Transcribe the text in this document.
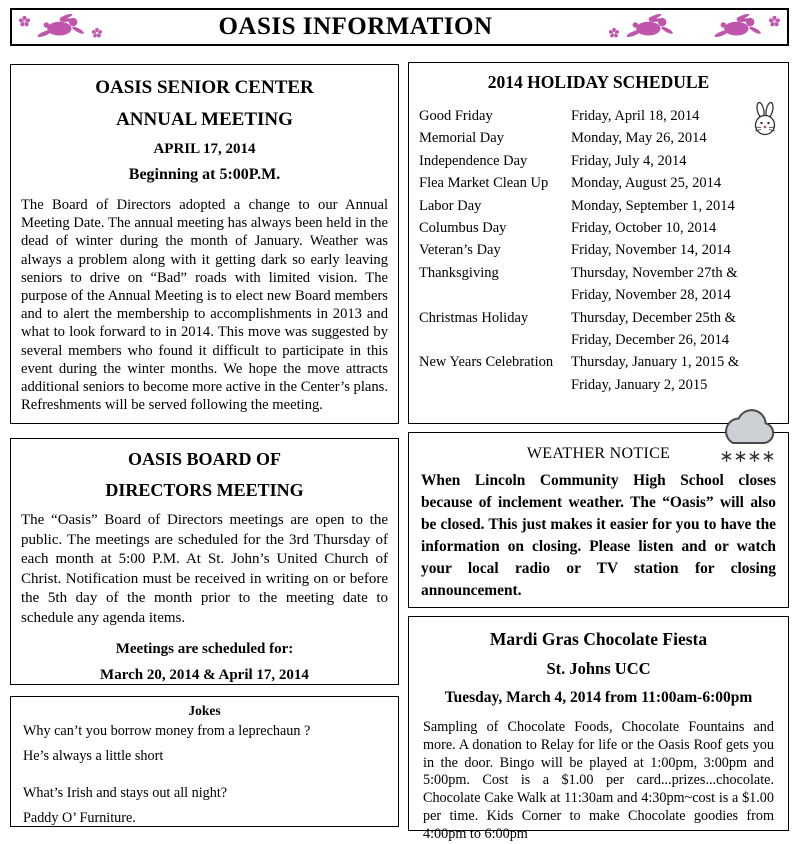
OASIS INFORMATION
OASIS SENIOR CENTER
ANNUAL MEETING
APRIL 17, 2014
Beginning at 5:00P.M.

The Board of Directors adopted a change to our Annual Meeting Date. The annual meeting has always been held in the dead of winter during the month of January. Weather was always a problem along with it getting dark so early leaving seniors to drive on “Bad” roads with limited vision. The purpose of the Annual Meeting is to elect new Board members and to alert the membership to accomplishments in 2013 and what to look forward to in 2014. This move was suggested by several members who found it difficult to participate in this event during the winter months. We hope the move attracts additional seniors to become more active in the Center’s plans. Refreshments will be served following the meeting.

OASIS BOARD OF
DIRECTORS MEETING

The “Oasis” Board of Directors meetings are open to the public. The meetings are scheduled for the 3rd Thursday of each month at 5:00 P.M. At St. John’s United Church of Christ. Notification must be received in writing on or before the 5th day of the month prior to the meeting date to schedule any agenda items.

Meetings are scheduled for:
March 20, 2014 & April 17, 2014
Jokes
Why can’t you borrow money from a leprechaun ?
He’s always a little short
What’s Irish and stays out all night?
Paddy O’ Furniture.
2014 HOLIDAY SCHEDULE
Good Friday	Friday, April 18, 2014
Memorial Day	Monday, May 26, 2014
Independence Day	Friday, July 4, 2014
Flea Market Clean Up	Monday, August 25, 2014
Labor Day	Monday, September 1, 2014
Columbus Day	Friday, October 10, 2014
Veteran’s Day	Friday, November 14, 2014
Thanksgiving	Thursday, November 27th &
Friday, November 28, 2014
Christmas Holiday	Thursday, December 25th &
Friday, December 26, 2014
New Years Celebration	Thursday, January 1, 2015 &
Friday, January 2, 2015
WEATHER NOTICE

When Lincoln Community High School closes because of inclement weather. The “Oasis” will also be closed. This just makes it easier for you to have the information on closing. Please listen and or watch your local radio or TV station for closing announcement.

Mardi Gras Chocolate Fiesta
St. Johns UCC
Tuesday, March 4, 2014 from 11:00am-6:00pm

Sampling of Chocolate Foods, Chocolate Fountains and more. A donation to Relay for life or the Oasis Roof gets you in the door. Bingo will be played at 1:00pm, 3:00pm and 5:00pm. Cost is a $1.00 per card...prizes...chocolate. Chocolate Cake Walk at 11:30am and 4:30pm~cost is a $1.00 per time. Kids Corner to make Chocolate goodies from 4:00pm to 6:00pm
